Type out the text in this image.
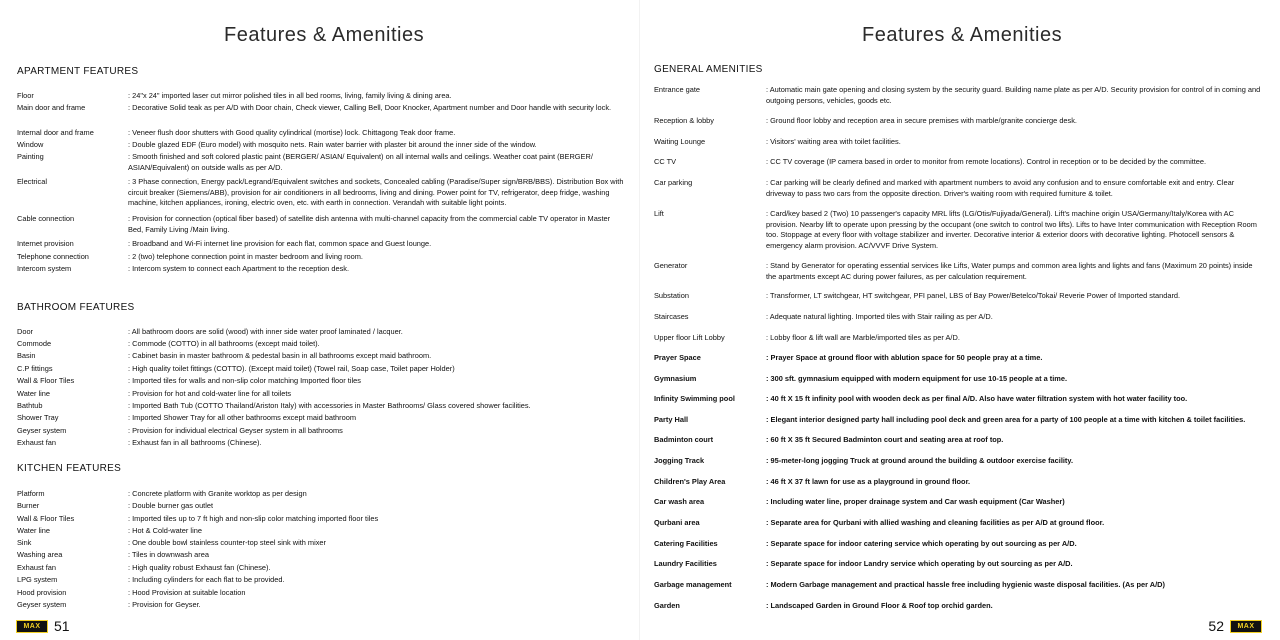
Features & Amenities
APARTMENT FEATURES
Floor	: 24"x 24" imported laser cut mirror polished tiles in all bed rooms, living, family living & dining area.
Main door and frame	: Decorative Solid teak as per A/D with Door chain, Check viewer, Calling Bell, Door Knocker, Apartment number and Door handle with security lock.
Internal door and frame	: Veneer flush door shutters with Good quality cylindrical (mortise) lock. Chittagong Teak door frame.
Window	: Double glazed EDF (Euro model) with mosquito nets. Rain water barrier with plaster bit around the inner side of the window.
Painting	: Smooth finished and soft colored plastic paint (BERGER/ ASIAN/ Equivalent) on all internal walls and ceilings. Weather coat paint (BERGER/ ASIAN/Equivalent) on outside walls as per A/D.
Electrical	: 3 Phase connection, Energy pack/Legrand/Equivalent switches and sockets, Concealed cabling (Paradise/Super sign/BRB/BBS). Distribution Box with circuit breaker (Siemens/ABB), provision for air conditioners in all bedrooms, living and dining. Power point for TV, refrigerator, deep fridge, washing machine, kitchen appliances, ironing, electric oven, etc. with earth in connection. Verandah with suitable light points.
Cable connection	: Provision for connection (optical fiber based) of satellite dish antenna with multi-channel capacity from the commercial cable TV operator in Master Bed, Family Living /Main living.
Internet provision	: Broadband and Wi-Fi internet line provision for each flat, common space and Guest lounge.
Telephone connection	: 2 (two) telephone connection point in master bedroom and living room.
Intercom system	: Intercom system to connect each Apartment to the reception desk.
BATHROOM FEATURES
Door	: All bathroom doors are solid (wood) with inner side water proof laminated / lacquer.
Commode	: Commode (COTTO) in all bathrooms (except maid toilet).
Basin	: Cabinet basin in master bathroom & pedestal basin in all bathrooms except maid bathroom.
C.P fittings	: High quality toilet fittings (COTTO). (Except maid toilet) (Towel rail, Soap case, Toilet paper Holder)
Wall & Floor Tiles	: Imported tiles for walls and non-slip color matching Imported floor tiles
Water line	: Provision for hot and cold-water line for all toilets
Bathtub	: Imported Bath Tub (COTTO Thailand/Ariston Italy) with accessories in Master Bathrooms/ Glass covered shower facilities.
Shower Tray	: Imported Shower Tray for all other bathrooms except maid bathroom
Geyser system	: Provision for individual electrical Geyser system in all bathrooms
Exhaust fan	: Exhaust fan in all bathrooms (Chinese).
KITCHEN FEATURES
Platform	: Concrete platform with Granite worktop as per design
Burner	: Double burner gas outlet
Wall & Floor Tiles	: Imported tiles up to 7 ft high and non-slip color matching imported floor tiles
Water line	: Hot & Cold-water line
Sink	: One double bowl stainless counter-top steel sink with mixer
Washing area	: Tiles in downwash area
Exhaust fan	: High quality robust Exhaust fan (Chinese).
LPG system	: Including cylinders for each flat to be provided.
Hood provision	: Hood Provision at suitable location
Geyser system	: Provision for Geyser.
MAX 51
Features & Amenities
GENERAL AMENITIES
Entrance gate	: Automatic main gate opening and closing system by the security guard. Building name plate as per A/D. Security provision for control of in coming and outgoing persons, vehicles, goods etc.
Reception & lobby	: Ground floor lobby and reception area in secure premises with marble/granite concierge desk.
Waiting Lounge	: Visitors' waiting area with toilet facilities.
CC TV	: CC TV coverage (IP camera based in order to monitor from remote locations). Control in reception or to be decided by the committee.
Car parking	: Car parking will be clearly defined and marked with apartment numbers to avoid any confusion and to ensure comfortable exit and entry. Clear driveway to pass two cars from the opposite direction. Driver's waiting room with required furniture & toilet.
Lift	: Card/key based 2 (Two) 10 passenger's capacity MRL lifts (LG/Otis/Fujiyada/General). Lift's machine origin USA/Germany/Italy/Korea with AC provision. Nearby lift to operate upon pressing by the occupant (one switch to control two lifts). Lifts to have Inter communication with Reception Room too. Stoppage at every floor with voltage stabilizer and inverter. Decorative interior & exterior doors with decorative lighting. Photocell sensors & emergency alarm provision. AC/VVVF Drive System.
Generator	: Stand by Generator for operating essential services like Lifts, Water pumps and common area lights and lights and fans (Maximum 20 points) inside the apartments except AC during power failures, as per calculation requirement.
Substation	: Transformer, LT switchgear, HT switchgear, PFI panel, LBS of Bay Power/Betelco/Tokai/ Reverie Power of Imported standard.
Staircases	: Adequate natural lighting. Imported tiles with Stair railing as per A/D.
Upper floor Lift Lobby	: Lobby floor & lift wall are Marble/imported tiles as per A/D.
Prayer Space	: Prayer Space at ground floor with ablution space for 50 people pray at a time.
Gymnasium	: 300 sft. gymnasium equipped with modern equipment for use 10-15 people at a time.
Infinity Swimming pool	: 40 ft X 15 ft infinity pool with wooden deck as per final A/D. Also have water filtration system with hot water facility too.
Party Hall	: Elegant interior designed party hall including pool deck and green area for a party of 100 people at a time with kitchen & toilet facilities.
Badminton court	: 60 ft X 35 ft Secured Badminton court and seating area at roof top.
Jogging Track	: 95-meter-long jogging Truck at ground around the building & outdoor exercise facility.
Children's Play Area	: 46 ft X 37 ft lawn for use as a playground in ground floor.
Car wash area	: Including water line, proper drainage system and Car wash equipment (Car Washer)
Qurbani area	: Separate area for Qurbani with allied washing and cleaning facilities as per A/D at ground floor.
Catering Facilities	: Separate space for indoor catering service which operating by out sourcing as per A/D.
Laundry Facilities	: Separate space for indoor Landry service which operating by out sourcing as per A/D.
Garbage management	: Modern Garbage management and practical hassle free including hygienic waste disposal facilities. (As per A/D)
Garden	: Landscaped Garden in Ground Floor & Roof top orchid garden.
52	MAX
